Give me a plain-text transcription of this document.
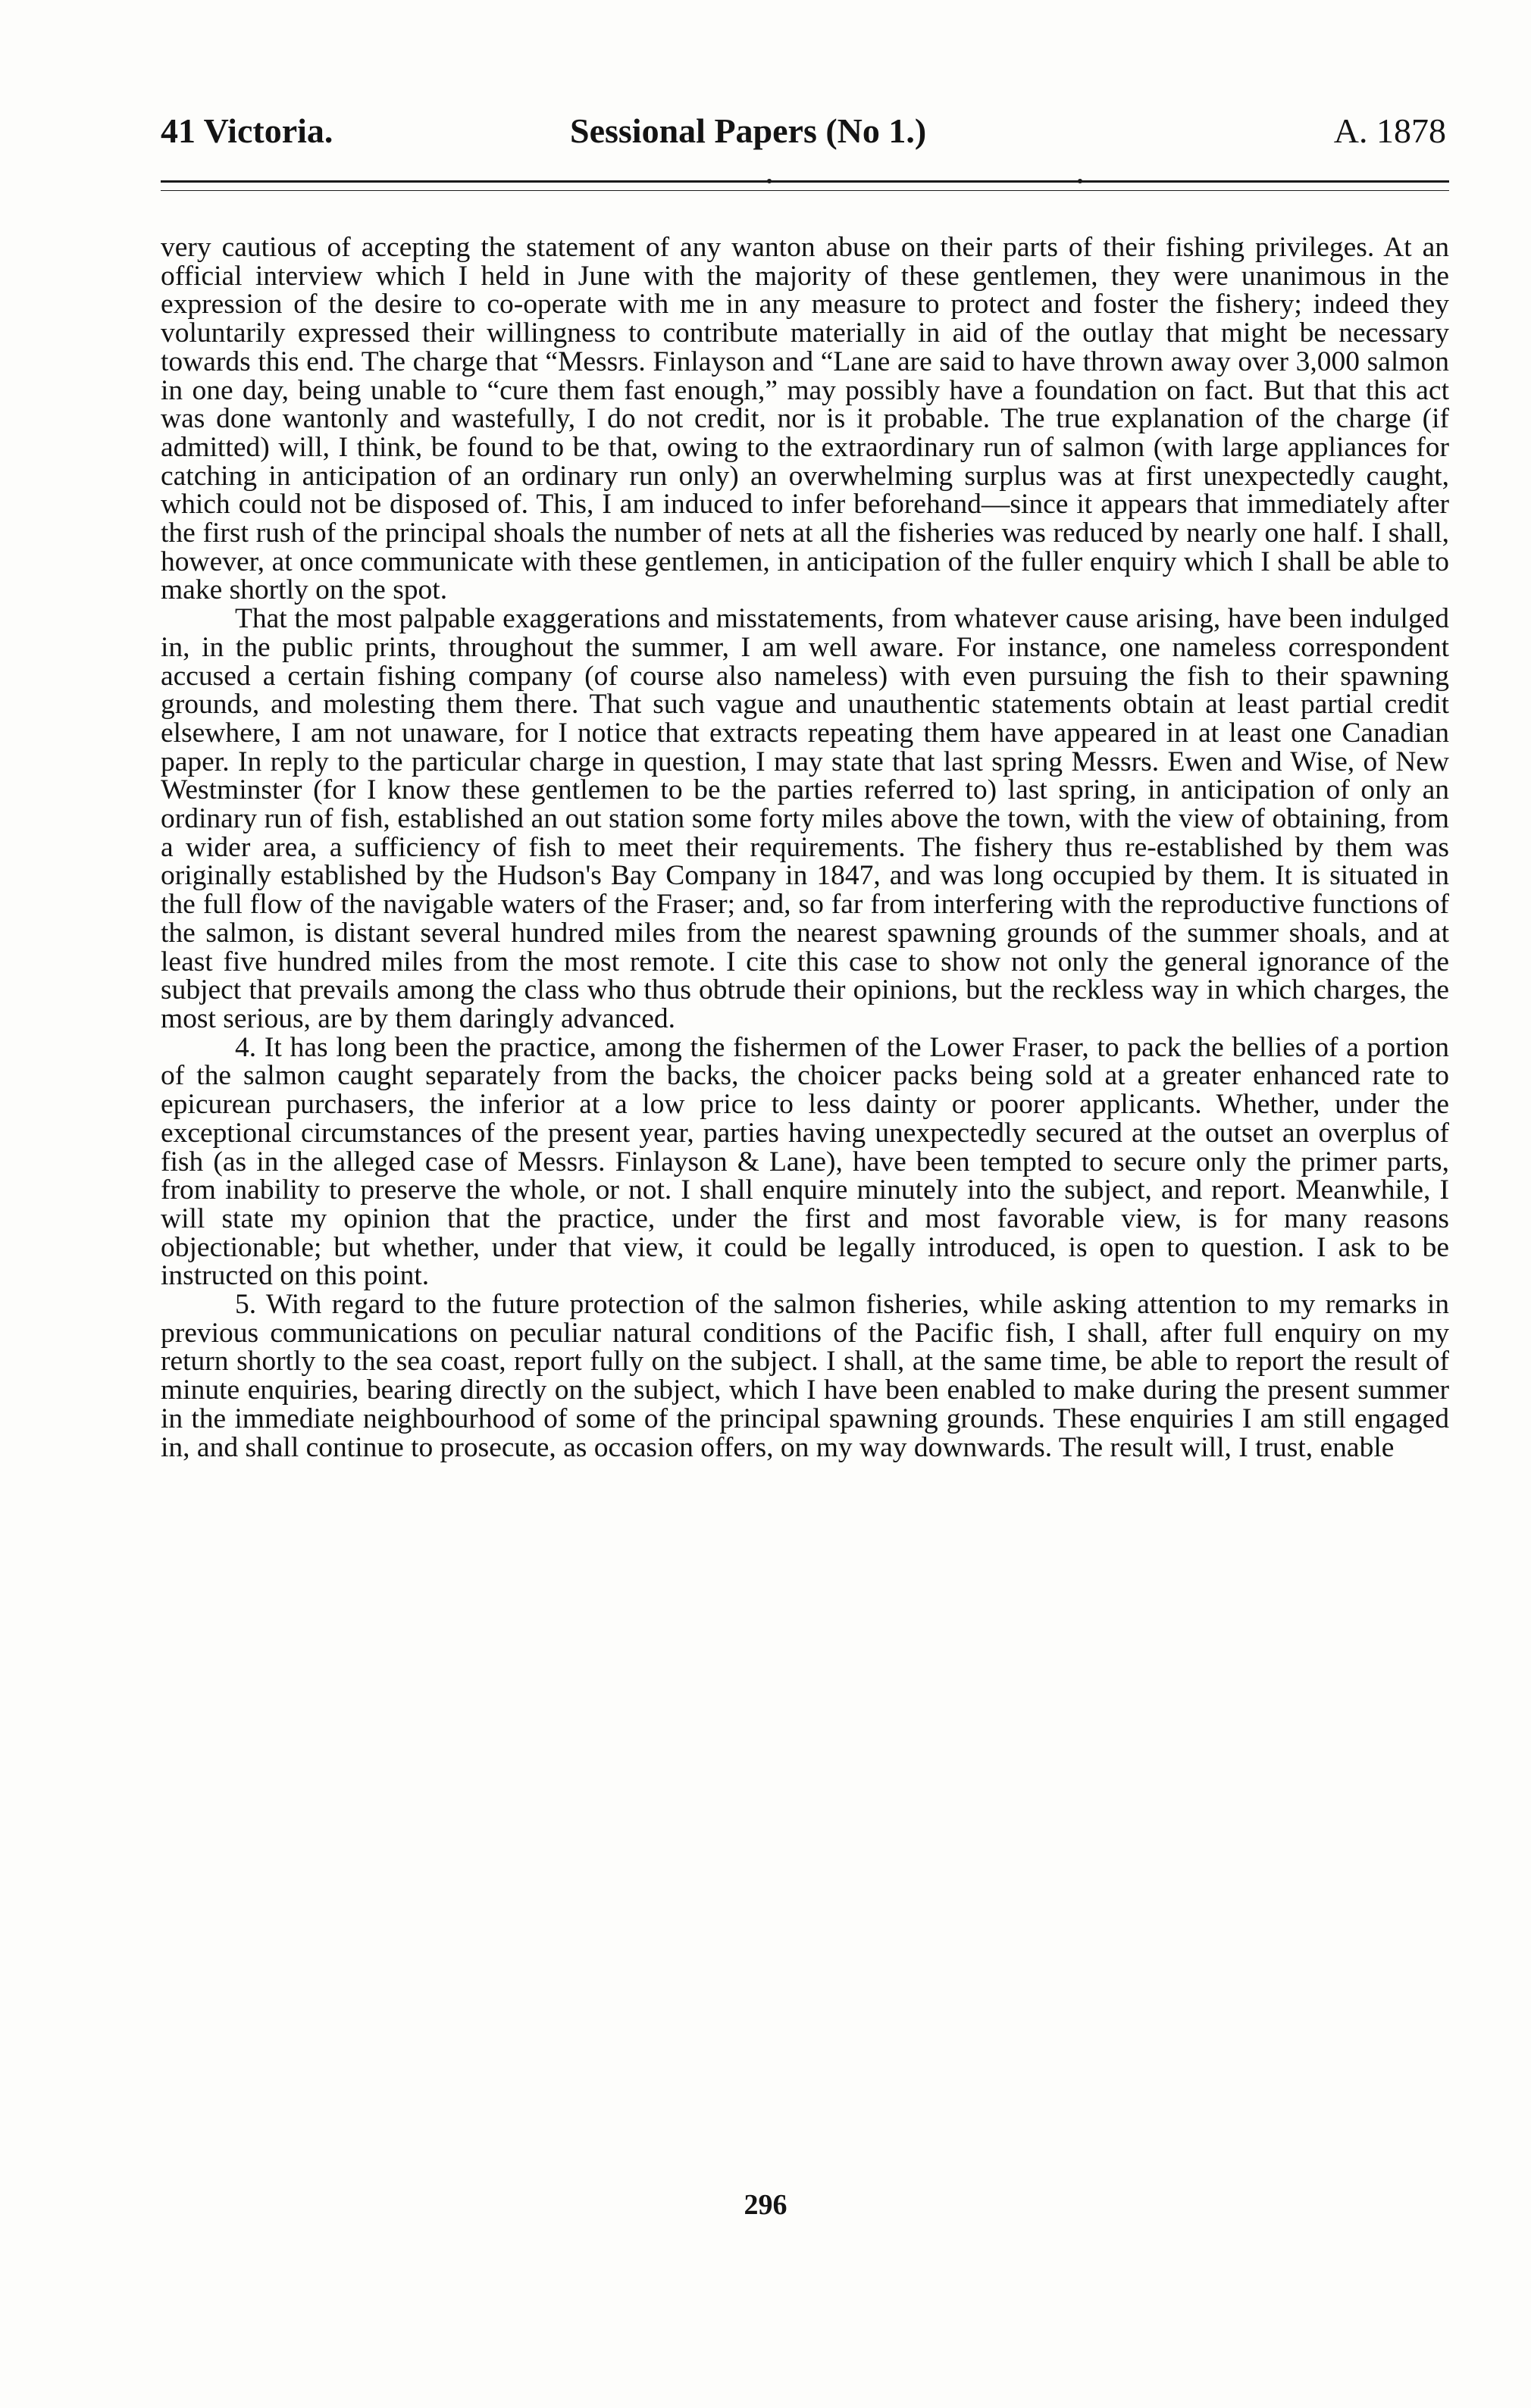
41 Victoria.	Sessional Papers (No 1.)	A. 1878

very cautious of accepting the statement of any wanton abuse on their parts of their fishing privileges. At an official interview which I held in June with the majority of these gentlemen, they were unanimous in the expression of the desire to co-operate with me in any measure to protect and foster the fishery; indeed they voluntarily expressed their willingness to contribute materially in aid of the outlay that might be necessary towards this end. The charge that “Messrs. Finlayson and “Lane are said to have thrown away over 3,000 salmon in one day, being unable to “cure them fast enough,” may possibly have a foundation on fact. But that this act was done wantonly and wastefully, I do not credit, nor is it probable. The true explanation of the charge (if admitted) will, I think, be found to be that, owing to the extraordinary run of salmon (with large appliances for catching in anticipation of an ordinary run only) an overwhelming surplus was at first unexpectedly caught, which could not be disposed of. This, I am induced to infer beforehand—since it appears that immediately after the first rush of the principal shoals the number of nets at all the fisheries was reduced by nearly one half. I shall, however, at once communicate with these gentlemen, in anticipation of the fuller enquiry which I shall be able to make shortly on the spot.

That the most palpable exaggerations and misstatements, from whatever cause arising, have been indulged in, in the public prints, throughout the summer, I am well aware. For instance, one nameless correspondent accused a certain fishing company (of course also nameless) with even pursuing the fish to their spawning grounds, and molesting them there. That such vague and unauthentic statements obtain at least partial credit elsewhere, I am not unaware, for I notice that extracts repeating them have appeared in at least one Canadian paper. In reply to the particular charge in question, I may state that last spring Messrs. Ewen and Wise, of New Westminster (for I know these gentlemen to be the parties referred to) last spring, in anticipation of only an ordinary run of fish, established an out station some forty miles above the town, with the view of obtaining, from a wider area, a sufficiency of fish to meet their requirements. The fishery thus re-established by them was originally established by the Hudson's Bay Company in 1847, and was long occupied by them. It is situated in the full flow of the navigable waters of the Fraser; and, so far from interfering with the reproductive functions of the salmon, is distant several hundred miles from the nearest spawning grounds of the summer shoals, and at least five hundred miles from the most remote. I cite this case to show not only the general ignorance of the subject that prevails among the class who thus obtrude their opinions, but the reckless way in which charges, the most serious, are by them daringly advanced.

4. It has long been the practice, among the fishermen of the Lower Fraser, to pack the bellies of a portion of the salmon caught separately from the backs, the choicer packs being sold at a greater enhanced rate to epicurean purchasers, the inferior at a low price to less dainty or poorer applicants. Whether, under the exceptional circumstances of the present year, parties having unexpectedly secured at the outset an overplus of fish (as in the alleged case of Messrs. Finlayson & Lane), have been tempted to secure only the primer parts, from inability to preserve the whole, or not. I shall enquire minutely into the subject, and report. Meanwhile, I will state my opinion that the practice, under the first and most favorable view, is for many reasons objectionable; but whether, under that view, it could be legally introduced, is open to question. I ask to be instructed on this point.

5. With regard to the future protection of the salmon fisheries, while asking attention to my remarks in previous communications on peculiar natural conditions of the Pacific fish, I shall, after full enquiry on my return shortly to the sea coast, report fully on the subject. I shall, at the same time, be able to report the result of minute enquiries, bearing directly on the subject, which I have been enabled to make during the present summer in the immediate neighbourhood of some of the principal spawning grounds. These enquiries I am still engaged in, and shall continue to prosecute, as occasion offers, on my way downwards. The result will, I trust, enable

296
